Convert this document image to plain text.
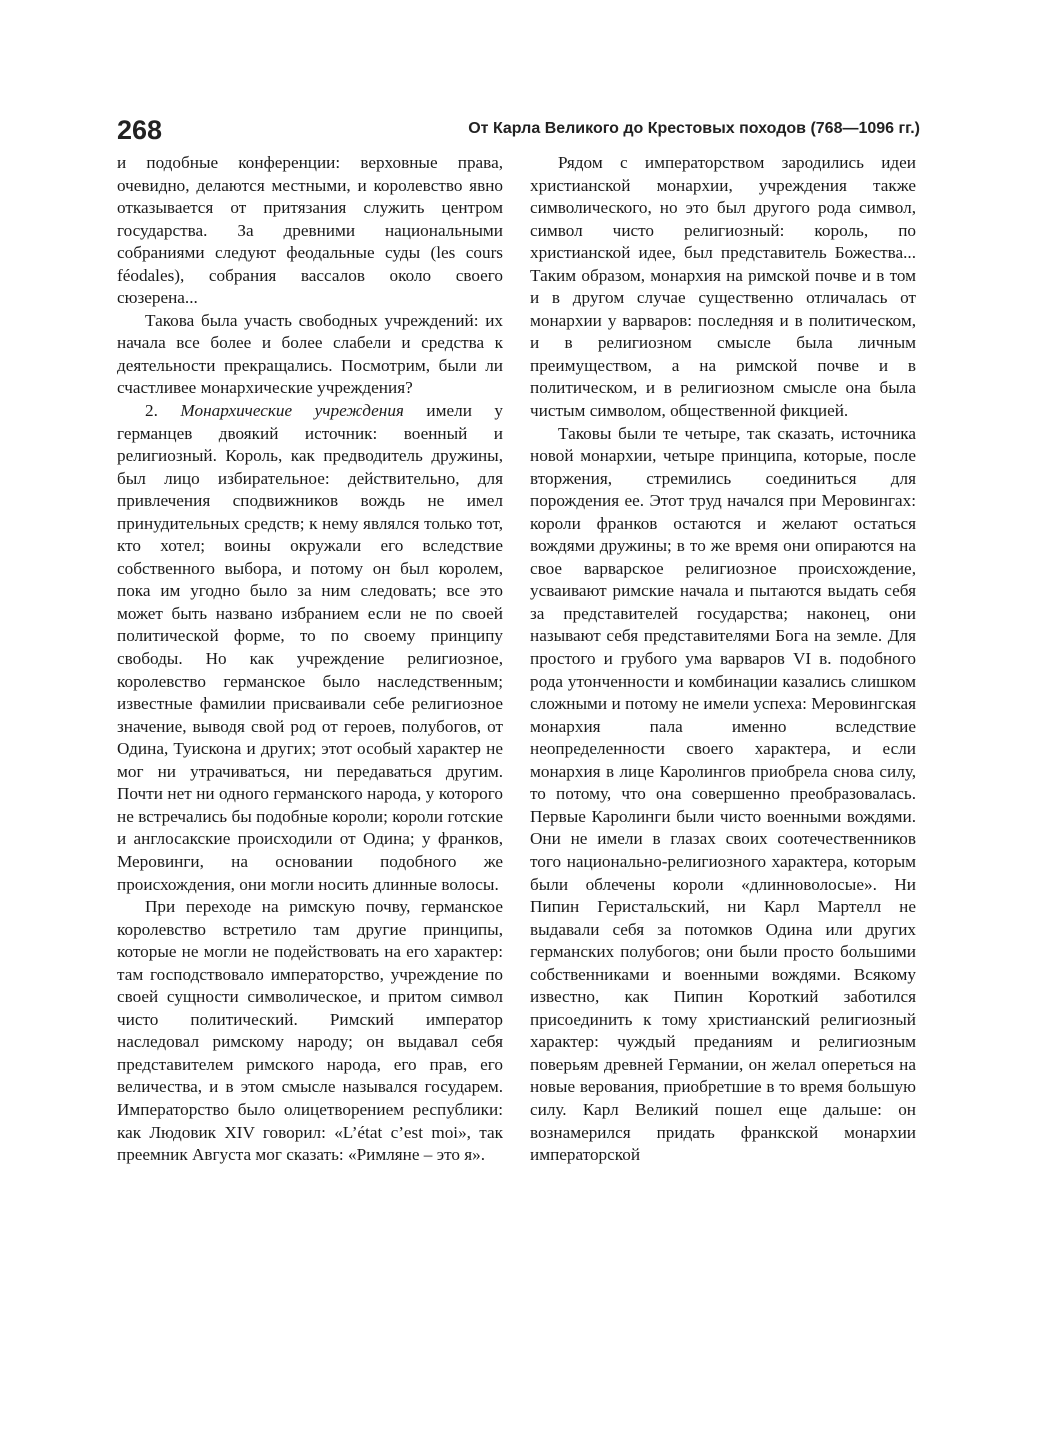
268	От Карла Великого до Крестовых походов (768—1096 гг.)

и подобные конференции: верховные права, очевидно, делаются местными, и королевство явно отказывается от притязания служить центром государства. За древними национальными собраниями следуют феодальные суды (les cours féodales), собрания вассалов около своего сюзерена...

Такова была участь свободных учреждений: их начала все более и более слабели и средства к деятельности прекращались. Посмотрим, были ли счастливее монархические учреждения?

2. Монархические учреждения имели у германцев двоякий источник: военный и религиозный. Король, как предводитель дружины, был лицо избирательное: действительно, для привлечения сподвижников вождь не имел принудительных средств; к нему являлся только тот, кто хотел; воины окружали его вследствие собственного выбора, и потому он был королем, пока им угодно было за ним следовать; все это может быть названо избранием если не по своей политической форме, то по своему принципу свободы. Но как учреждение религиозное, королевство германское было наследственным; известные фамилии присваивали себе религиозное значение, выводя свой род от героев, полубогов, от Одина, Туискона и других; этот особый характер не мог ни утрачиваться, ни передаваться другим. Почти нет ни одного германского народа, у которого не встречались бы подобные короли; короли готские и англосакские происходили от Одина; у франков, Меровинги, на основании подобного же происхождения, они могли носить длинные волосы.

При переходе на римскую почву, германское королевство встретило там другие принципы, которые не могли не подействовать на его характер: там господствовало императорство, учреждение по своей сущности символическое, и притом символ чисто политический. Римский император наследовал римскому народу; он выдавал себя представителем римского народа, его прав, его величества, и в этом смысле назывался государем. Императорство было олицетворением республики: как Людовик XIV говорил: «L’état c’est moi», так преемник Августа мог сказать: «Римляне – это я».

Рядом с императорством зародились идеи христианской монархии, учреждения также символического, но это был другого рода символ, символ чисто религиозный: король, по христианской идее, был представитель Божества... Таким образом, монархия на римской почве и в том и в другом случае существенно отличалась от монархии у варваров: последняя и в политическом, и в религиозном смысле была личным преимуществом, а на римской почве и в политическом, и в религиозном смысле она была чистым символом, общественной фикцией.

Таковы были те четыре, так сказать, источника новой монархии, четыре принципа, которые, после вторжения, стремились соединиться для порождения ее. Этот труд начался при Меровингах: короли франков остаются и желают остаться вождями дружины; в то же время они опираются на свое варварское религиозное происхождение, усваивают римские начала и пытаются выдать себя за представителей государства; наконец, они называют себя представителями Бога на земле. Для простого и грубого ума варваров VI в. подобного рода утонченности и комбинации казались слишком сложными и потому не имели успеха: Меровингская монархия пала именно вследствие неопределенности своего характера, и если монархия в лице Каролингов приобрела снова силу, то потому, что она совершенно преобразовалась. Первые Каролинги были чисто военными вождями. Они не имели в глазах своих соотечественников того национально-религиозного характера, которым были облечены короли «длинноволосые». Ни Пипин Геристальский, ни Карл Мартелл не выдавали себя за потомков Одина или других германских полубогов; они были просто большими собственниками и военными вождями. Всякому известно, как Пипин Короткий заботился присоединить к тому христианский религиозный характер: чуждый преданиям и религиозным поверьям древней Германии, он желал опереться на новые верования, приобретшие в то время большую силу. Карл Великий пошел еще дальше: он вознамерился придать франкской монархии императорской
